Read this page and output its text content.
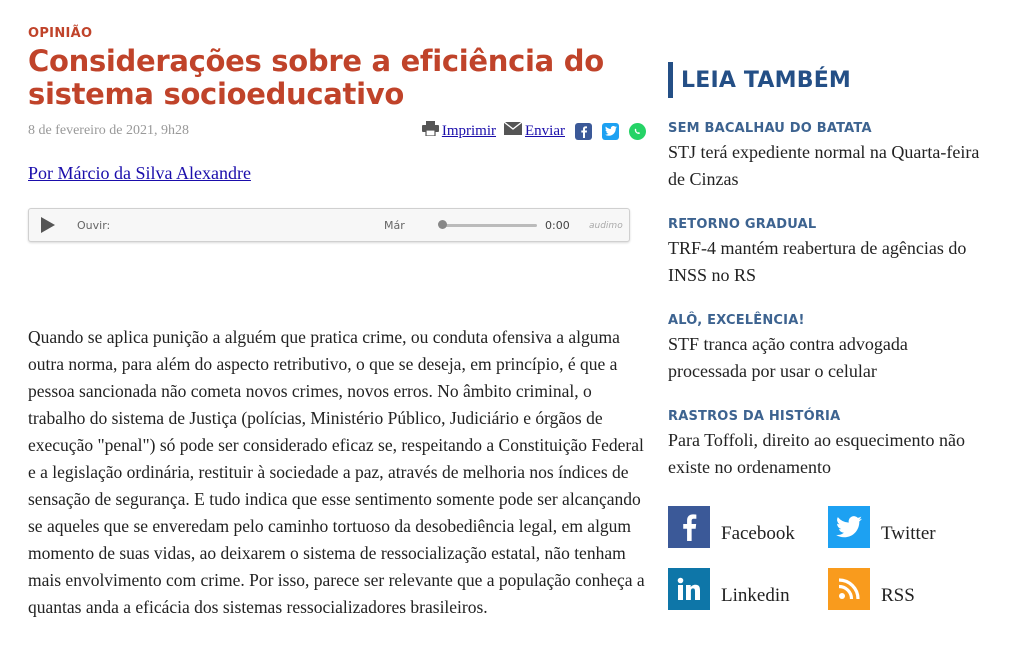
OPINIÃO
Considerações sobre a eficiência do sistema socioeducativo
8 de fevereiro de 2021, 9h28	Imprimir Enviar
Por Márcio da Silva Alexandre
Ouvir:	Már	0:00 audimo
Quando se aplica punição a alguém que pratica crime, ou conduta ofensiva a alguma outra norma, para além do aspecto retributivo, o que se deseja, em princípio, é que a pessoa sancionada não cometa novos crimes, novos erros. No âmbito criminal, o trabalho do sistema de Justiça (polícias, Ministério Público, Judiciário e órgãos de execução "penal") só pode ser considerado eficaz se, respeitando a Constituição Federal e a legislação ordinária, restituir à sociedade a paz, através de melhoria nos índices de sensação de segurança. E tudo indica que esse sentimento somente pode ser alcançando se aqueles que se enveredam pelo caminho tortuoso da desobediência legal, em algum momento de suas vidas, ao deixarem o sistema de ressocialização estatal, não tenham mais envolvimento com crime. Por isso, parece ser relevante que a população conheça a quantas anda a eficácia dos sistemas ressocializadores brasileiros.
LEIA TAMBÉM
SEM BACALHAU DO BATATA
STJ terá expediente normal na Quarta-feira de Cinzas
RETORNO GRADUAL
TRF-4 mantém reabertura de agências do INSS no RS
ALÔ, EXCELÊNCIA!
STF tranca ação contra advogada processada por usar o celular
RASTROS DA HISTÓRIA
Para Toffoli, direito ao esquecimento não existe no ordenamento
Facebook	Twitter
Linkedin	RSS
